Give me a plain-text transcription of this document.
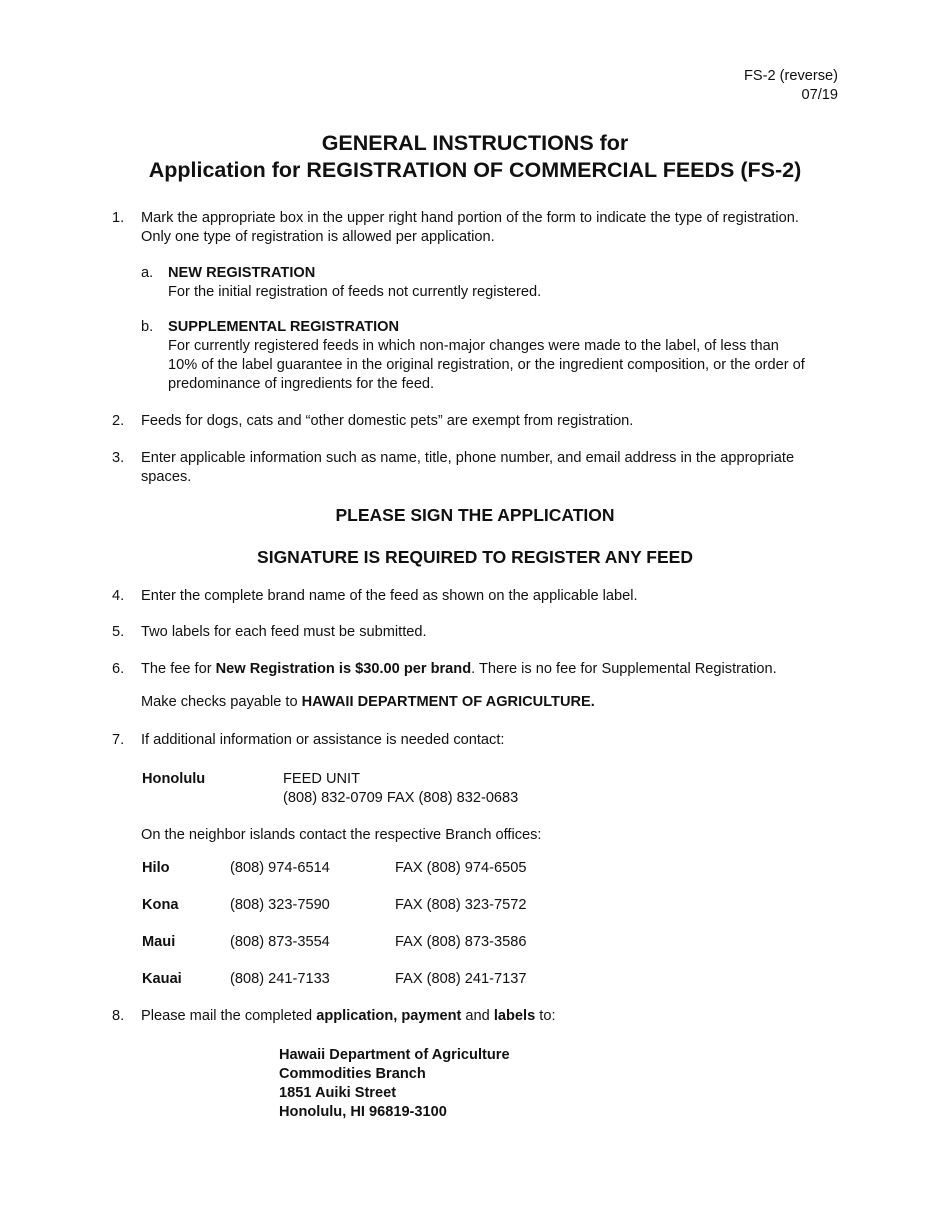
FS-2 (reverse)
07/19
GENERAL INSTRUCTIONS for
Application for REGISTRATION OF COMMERCIAL FEEDS (FS-2)
1. Mark the appropriate box in the upper right hand portion of the form to indicate the type of registration.
Only one type of registration is allowed per application.
a. NEW REGISTRATION
For the initial registration of feeds not currently registered.
b. SUPPLEMENTAL REGISTRATION
For currently registered feeds in which non-major changes were made to the label, of less than
10% of the label guarantee in the original registration, or the ingredient composition, or the order of
predominance of ingredients for the feed.
2. Feeds for dogs, cats and “other domestic pets” are exempt from registration.
3. Enter applicable information such as name, title, phone number, and email address in the appropriate
spaces.
PLEASE SIGN THE APPLICATION
SIGNATURE IS REQUIRED TO REGISTER ANY FEED
4. Enter the complete brand name of the feed as shown on the applicable label.
5. Two labels for each feed must be submitted.
6. The fee for New Registration is $30.00 per brand. There is no fee for Supplemental Registration.
Make checks payable to HAWAII DEPARTMENT OF AGRICULTURE.
7. If additional information or assistance is needed contact:
Honolulu	FEED UNIT
(808) 832-0709 FAX (808) 832-0683
On the neighbor islands contact the respective Branch offices:
Hilo	(808) 974-6514	FAX (808) 974-6505
Kona	(808) 323-7590	FAX (808) 323-7572
Maui	(808) 873-3554	FAX (808) 873-3586
Kauai	(808) 241-7133	FAX (808) 241-7137
8. Please mail the completed application, payment and labels to:
Hawaii Department of Agriculture
Commodities Branch
1851 Auiki Street
Honolulu, HI 96819-3100
